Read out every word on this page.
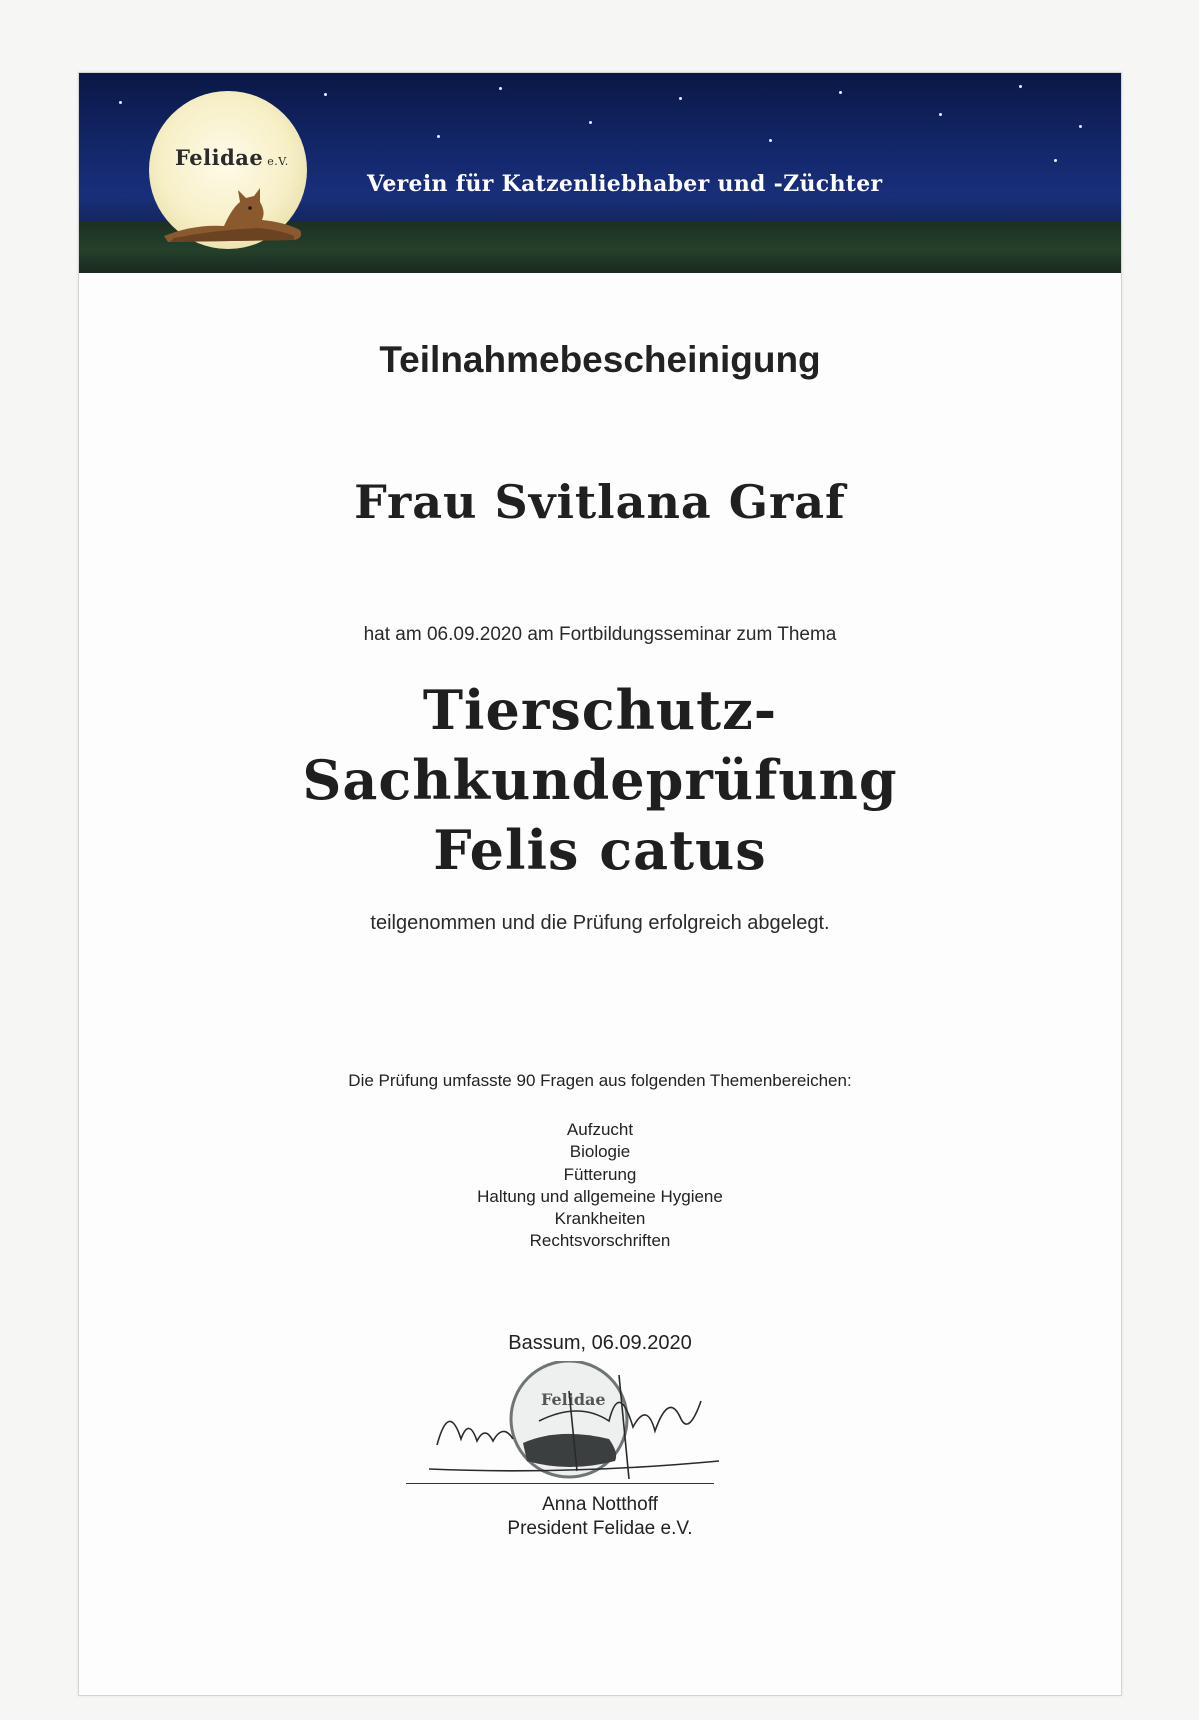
Felidae e.V.
Verein für Katzenliebhaber und -Züchter
Teilnahmebescheinigung
Frau Svitlana Graf
hat am 06.09.2020 am Fortbildungsseminar zum Thema
Tierschutz-
Sachkundeprüfung
Felis catus
teilgenommen und die Prüfung erfolgreich abgelegt.
Die Prüfung umfasste 90 Fragen aus folgenden Themenbereichen:
Aufzucht
Biologie
Fütterung
Haltung und allgemeine Hygiene
Krankheiten
Rechtsvorschriften
Bassum, 06.09.2020
Felidae
Anna Notthoff
President Felidae e.V.
